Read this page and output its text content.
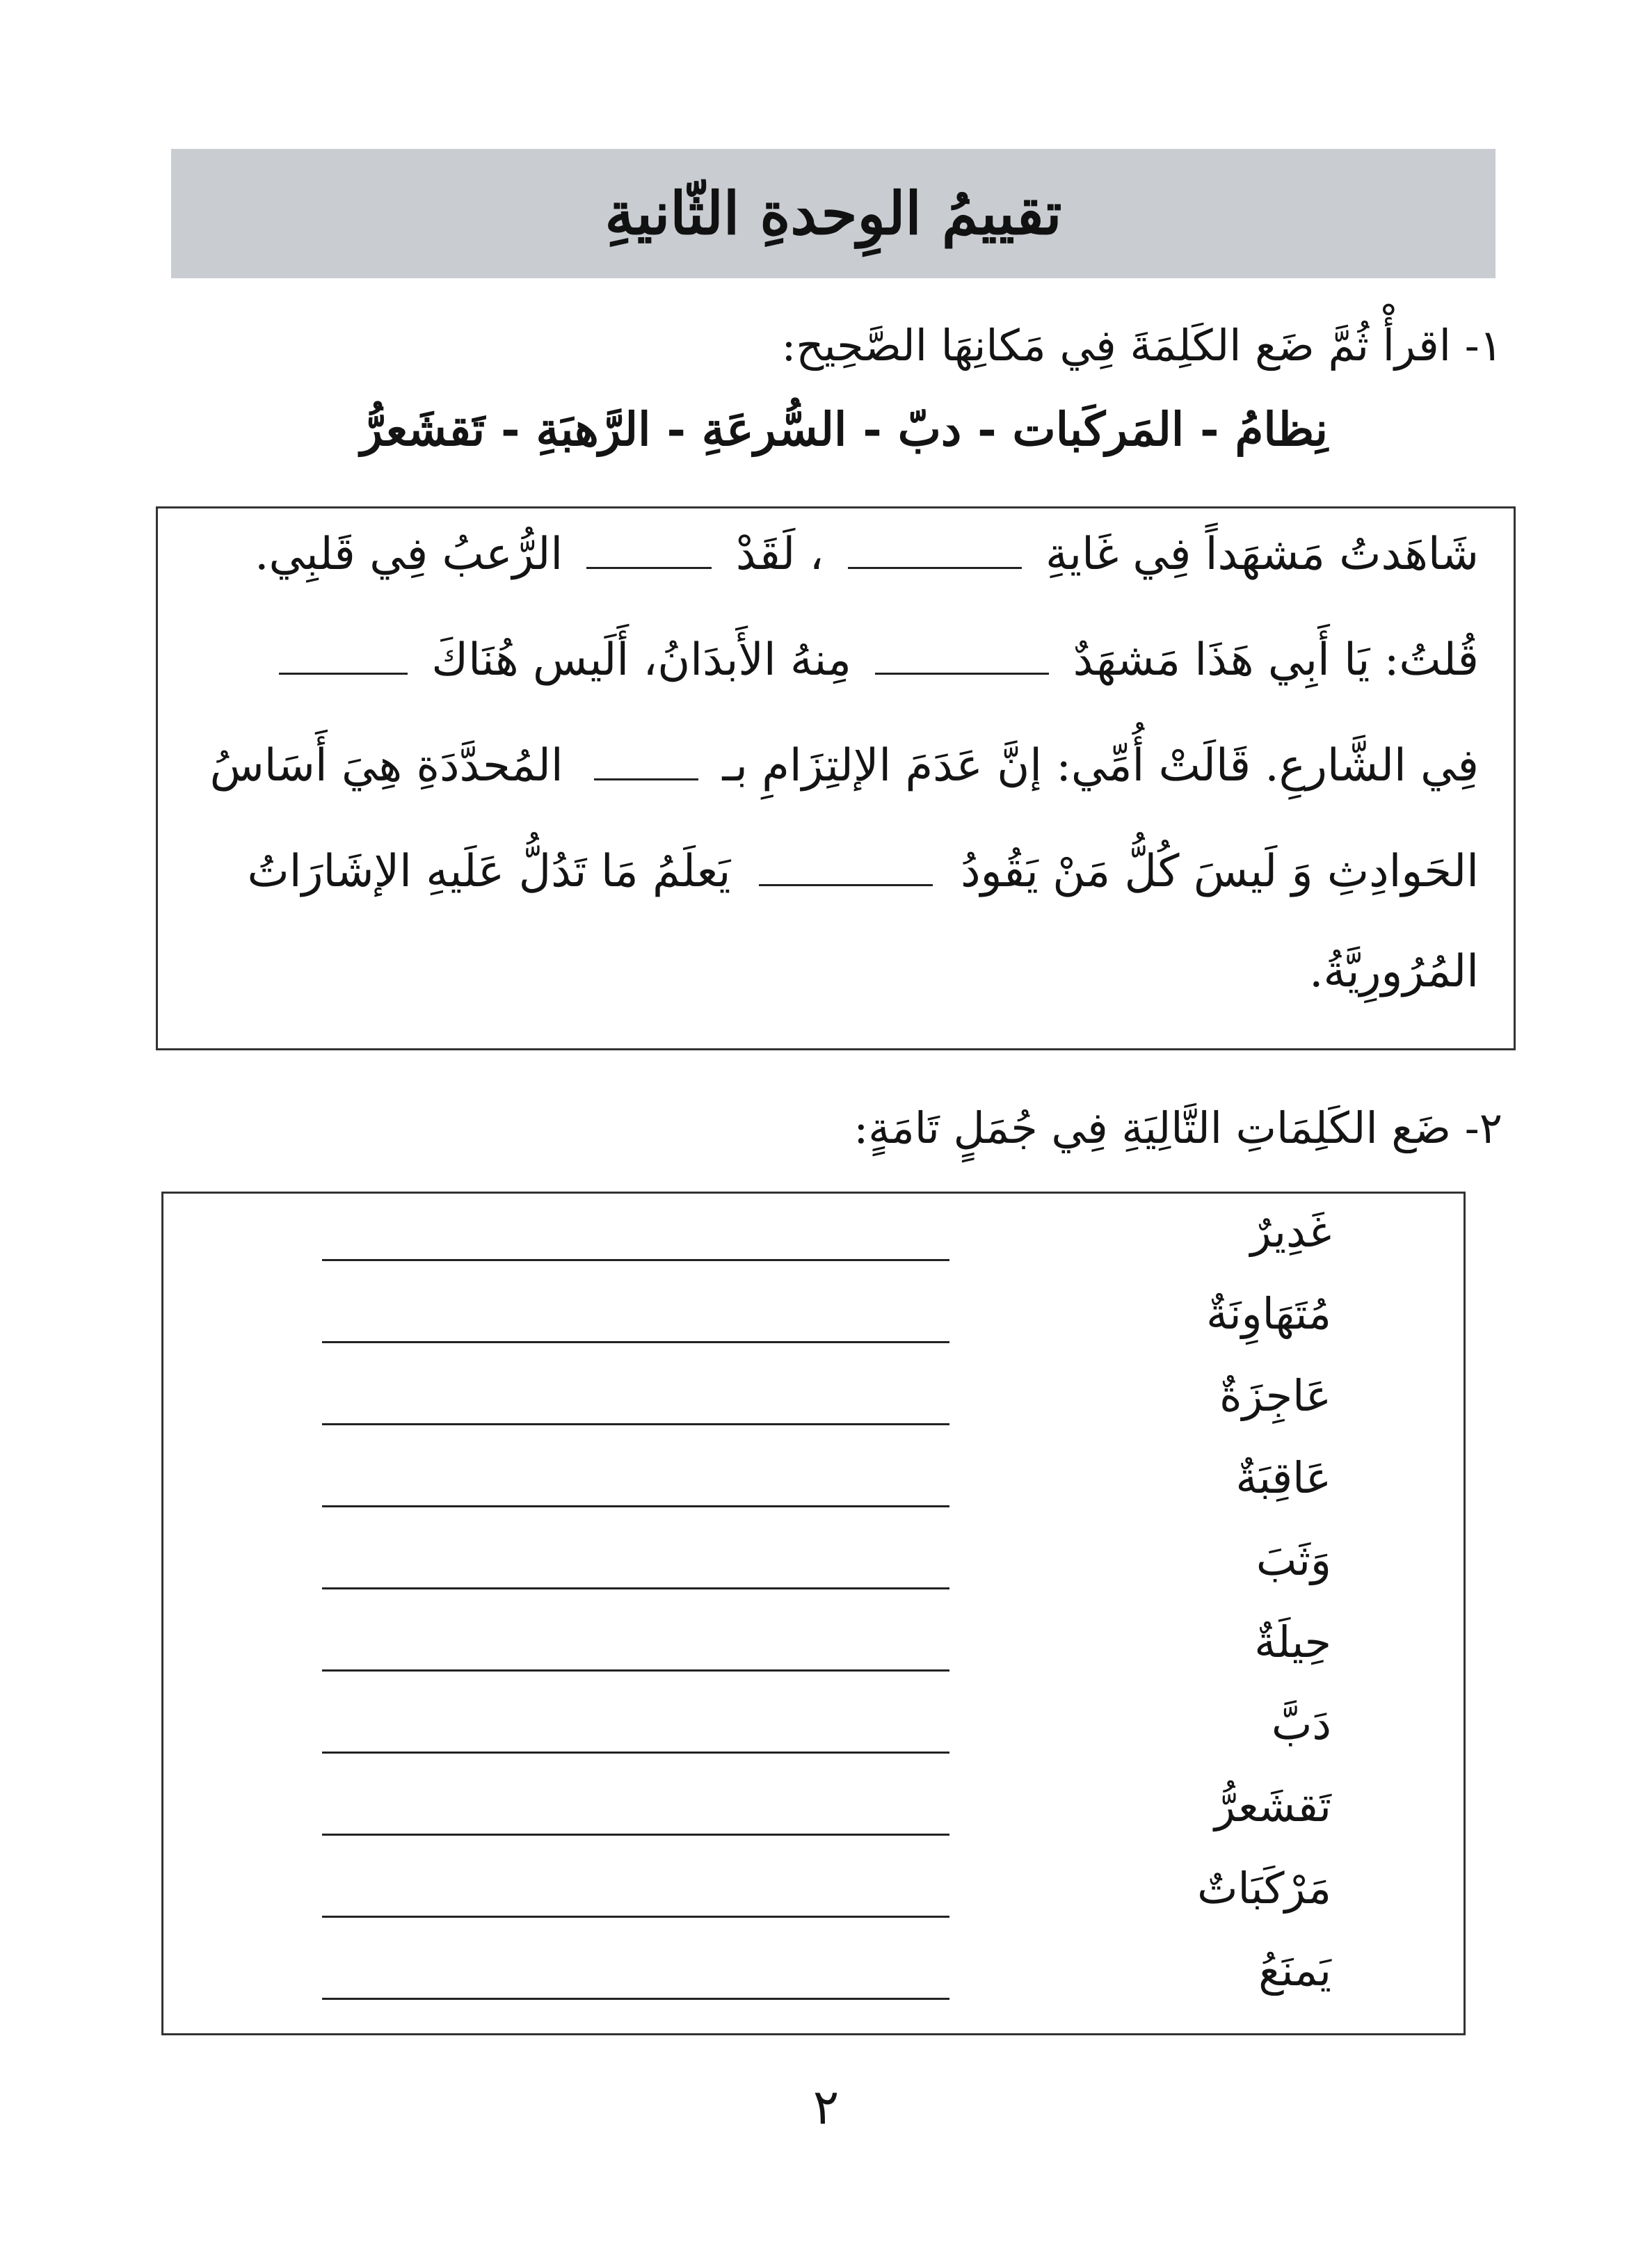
تقييمُ الوِحدةِ الثّانيةِ
١- اقرأْ ثُمَّ ضَع الكَلِمَةَ فِي مَكانِهَا الصَّحِيح:
نِظامُ - المَركَبات - دبّ - السُّرعَةِ - الرَّهبَةِ - تَقشَعرُّ
شَاهَدتُ مَشهَداً فِي غَايةِ  ، لَقَدْ  الرُّعبُ فِي قَلبِي.
قُلتُ: يَا أَبِي هَذَا مَشهَدٌ  مِنهُ الأَبدَانُ، أَلَيس هُنَاكَ
فِي الشَّارعِ. قَالَتْ أُمِّي: إنَّ عَدَمَ الإلتِزَامِ بـ  المُحدَّدَةِ هِيَ أَسَاسُ
الحَوادِثِ وَ لَيسَ كُلُّ مَنْ يَقُودُ  يَعلَمُ مَا تَدُلُّ عَلَيهِ الإشَارَاتُ
المُرُورِيَّةُ.
٢- ضَع الكَلِمَاتِ التَّالِيَةِ فِي جُمَلٍ تَامَةٍ:
غَدِيرٌ
مُتَهَاوِنَةٌ
عَاجِزَةٌ
عَاقِبَةٌ
وَثَبَ
حِيلَةٌ
دَبَّ
تَقشَعرُّ
مَرْكَبَاتٌ
يَمنَعُ
٢
